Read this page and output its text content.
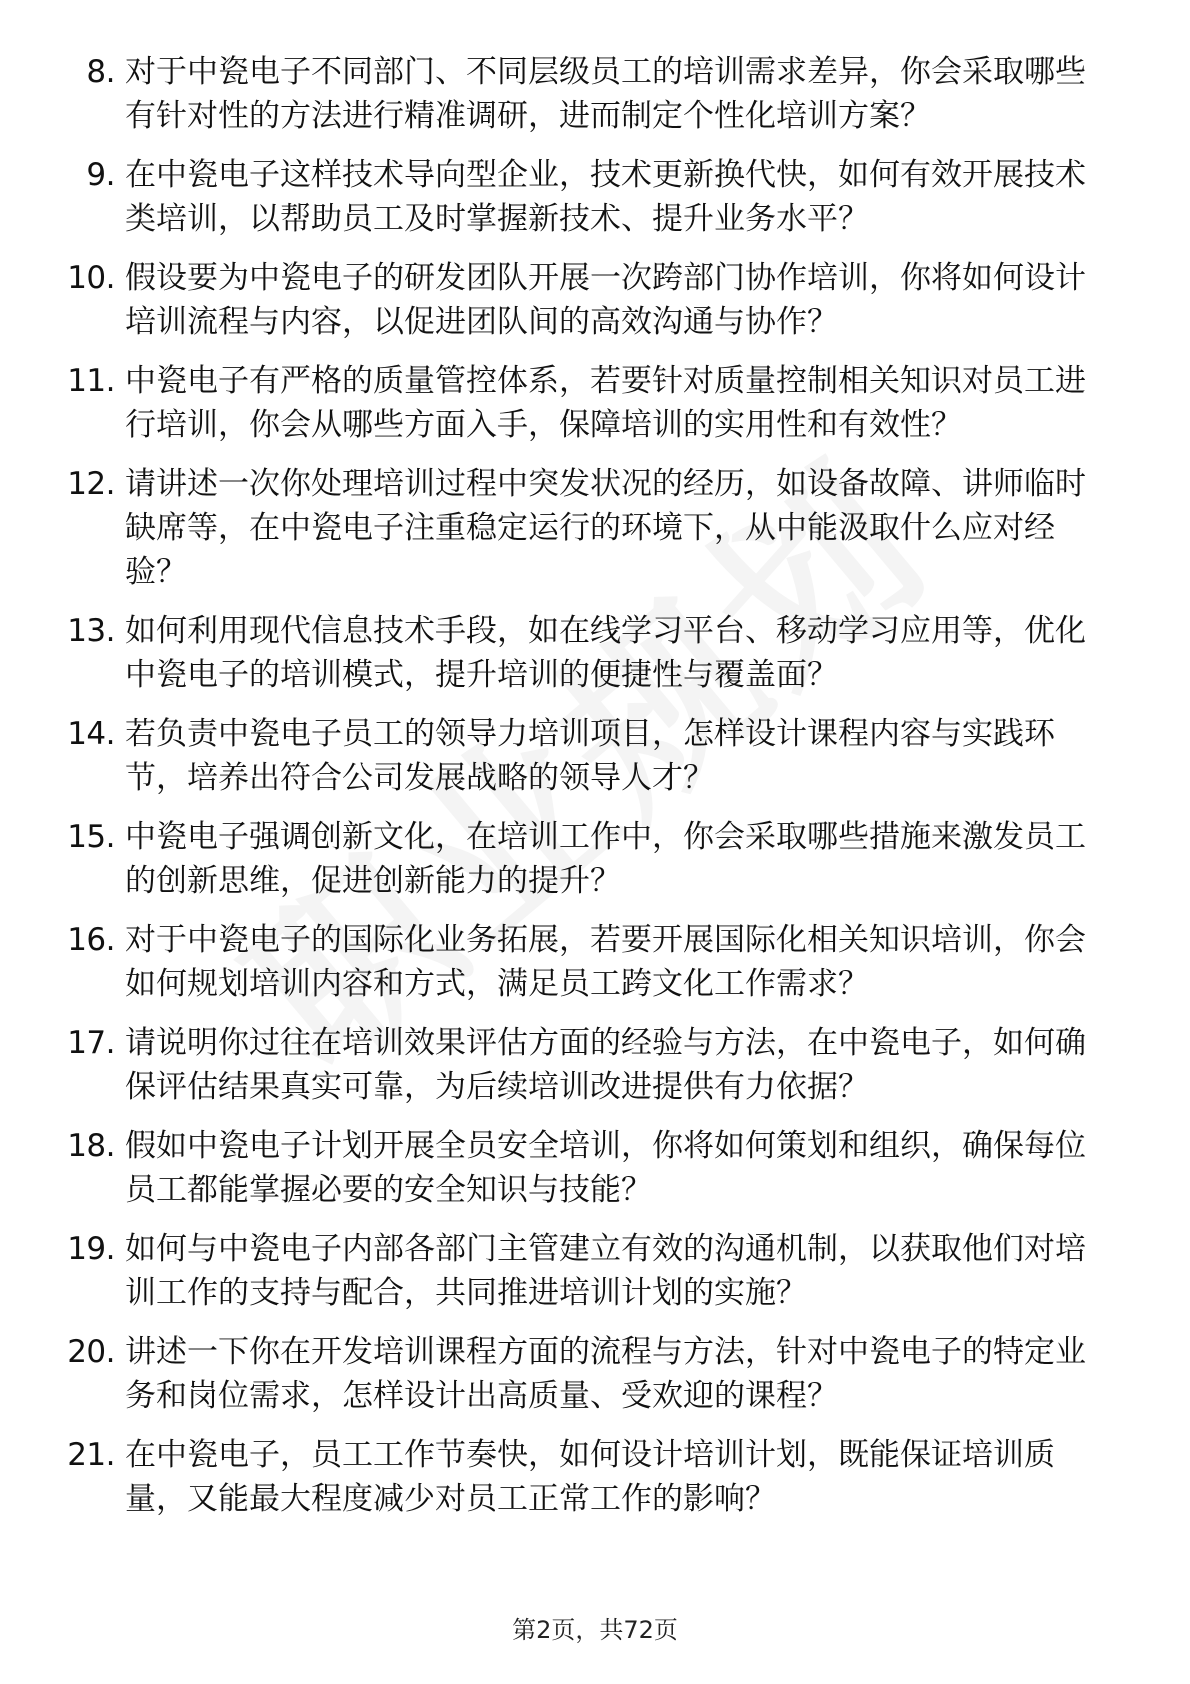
8. 对于中瓷电子不同部门、不同层级员工的培训需求差异，你会采取哪些有针对性的方法进行精准调研，进而制定个性化培训方案？
9. 在中瓷电子这样技术导向型企业，技术更新换代快，如何有效开展技术类培训，以帮助员工及时掌握新技术、提升业务水平？
10. 假设要为中瓷电子的研发团队开展一次跨部门协作培训，你将如何设计培训流程与内容，以促进团队间的高效沟通与协作？
11. 中瓷电子有严格的质量管控体系，若要针对质量控制相关知识对员工进行培训，你会从哪些方面入手，保障培训的实用性和有效性？
12. 请讲述一次你处理培训过程中突发状况的经历，如设备故障、讲师临时缺席等，在中瓷电子注重稳定运行的环境下，从中能汲取什么应对经验？
13. 如何利用现代信息技术手段，如在线学习平台、移动学习应用等，优化中瓷电子的培训模式，提升培训的便捷性与覆盖面？
14. 若负责中瓷电子员工的领导力培训项目，怎样设计课程内容与实践环节，培养出符合公司发展战略的领导人才？
15. 中瓷电子强调创新文化，在培训工作中，你会采取哪些措施来激发员工的创新思维，促进创新能力的提升？
16. 对于中瓷电子的国际化业务拓展，若要开展国际化相关知识培训，你会如何规划培训内容和方式，满足员工跨文化工作需求？
17. 请说明你过往在培训效果评估方面的经验与方法，在中瓷电子，如何确保评估结果真实可靠，为后续培训改进提供有力依据？
18. 假如中瓷电子计划开展全员安全培训，你将如何策划和组织，确保每位员工都能掌握必要的安全知识与技能？
19. 如何与中瓷电子内部各部门主管建立有效的沟通机制，以获取他们对培训工作的支持与配合，共同推进培训计划的实施？
20. 讲述一下你在开发培训课程方面的流程与方法，针对中瓷电子的特定业务和岗位需求，怎样设计出高质量、受欢迎的课程？
21. 在中瓷电子，员工工作节奏快，如何设计培训计划，既能保证培训质量，又能最大程度减少对员工正常工作的影响？
第2页，共72页
